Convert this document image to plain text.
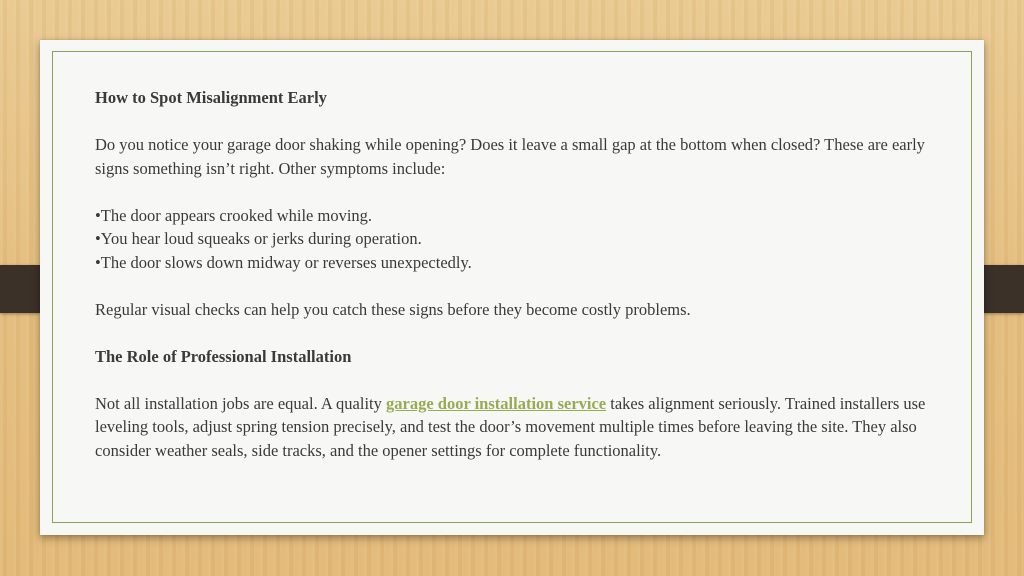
How to Spot Misalignment Early

Do you notice your garage door shaking while opening? Does it leave a small gap at the bottom when closed? These are early signs something isn’t right. Other symptoms include:

•The door appears crooked while moving.

•You hear loud squeaks or jerks during operation.

•The door slows down midway or reverses unexpectedly.

Regular visual checks can help you catch these signs before they become costly problems.

The Role of Professional Installation

Not all installation jobs are equal. A quality garage door installation service takes alignment seriously. Trained installers use leveling tools, adjust spring tension precisely, and test the door’s movement multiple times before leaving the site. They also consider weather seals, side tracks, and the opener settings for complete functionality.
